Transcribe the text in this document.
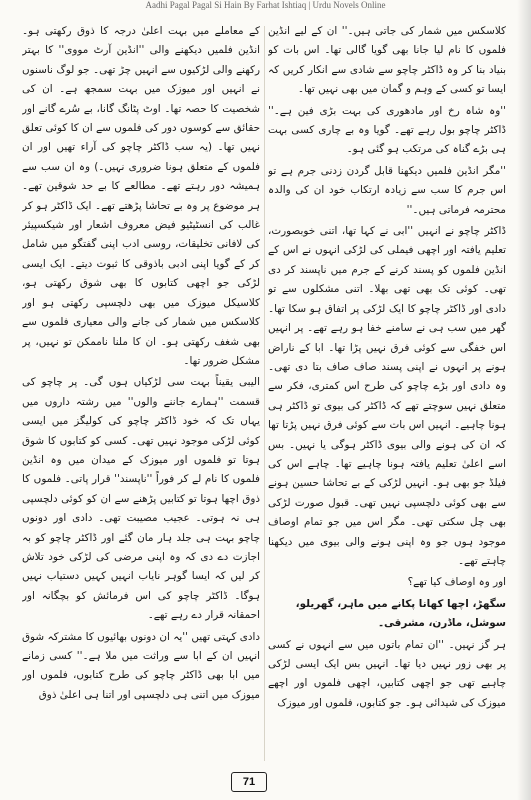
Aadhi Pagal Pagal Si Hain By Farhat Ishtiaq | Urdu Novels Online

کلاسکس میں شمار کی جاتی ہیں۔'' ان کے لیے انڈین فلموں کا نام لیا جانا بھی گویا گالی تھا۔ اس بات کو بنیاد بنا کر وہ ڈاکٹر چاچو سے شادی سے انکار کریں کہ ایسا تو کسی کے وہم و گمان میں بھی نہیں تھا۔

''وہ شاہ رخ اور مادھوری کی بہت بڑی فین ہے۔'' ڈاکٹر چاچو بول رہے تھے۔ گویا وہ بے چاری کسی بہت ہی بڑے گناہ کی مرتکب ہو گئی ہو۔

''مگر انڈین فلمیں دیکھنا قابل گردن زدنی جرم ہے تو اس جرم کا سب سے زیادہ ارتکاب خود ان کی والدہ محترمہ فرماتی ہیں۔''

ڈاکٹر چاچو نے انہیں ''ابی نے کہا تھا، اتنی خوبصورت، تعلیم یافتہ اور اچھی فیملی کی لڑکی انہوں نے اس کے انڈین فلموں کو پسند کرنے کے جرم میں ناپسند کر دی تھی۔ کوئی تک بھی تھی بھلا۔ اتنی مشکلوں سے تو دادی اور ڈاکٹر چاچو کا ایک لڑکی پر اتفاق ہو سکا تھا۔ گھر میں سب ہی نے سامنے خفا ہو رہے تھے۔ پر انہیں اس خفگی سے کوئی فرق نہیں پڑا تھا۔ ابا کے ناراض ہونے پر انہوں نے اپنی پسند صاف صاف بتا دی تھی۔ وہ دادی اور بڑے چاچو کی طرح اس کمتری، فکر سے متعلق نہیں سوچتے تھے کہ ڈاکٹر کی بیوی تو ڈاکٹر ہی ہونا چاہیے۔ انہیں اس بات سے کوئی فرق نہیں پڑتا تھا کہ ان کی ہونے والی بیوی ڈاکٹر ہوگی یا نہیں۔ بس اسے اعلیٰ تعلیم یافتہ ہونا چاہیے تھا۔ چاہے اس کی فیلڈ جو بھی ہو۔ انہیں لڑکی کے بے تحاشا حسین ہونے سے بھی کوئی دلچسپی نہیں تھی۔ قبول صورت لڑکی بھی چل سکتی تھی۔ مگر اس میں جو تمام اوصاف موجود ہوں جو وہ اپنی ہونے والی بیوی میں دیکھنا چاہتے تھے۔

اور وہ اوصاف کیا تھے؟

سگھڑ، اچھا کھانا پکانے میں ماہر، گھریلو، سوشل، ماڈرن، مشرقی۔

ہر گز نہیں۔ ''ان تمام باتوں میں سے انہوں نے کسی پر بھی زور نہیں دیا تھا۔ انہیں بس ایک ایسی لڑکی چاہیے تھی جو اچھی کتابیں، اچھی فلموں اور اچھے میوزک کی شیدائی ہو۔ جو کتابوں، فلموں اور میوزک

کے معاملے میں بہت اعلیٰ درجہ کا ذوق رکھتی ہو۔ انڈین فلمیں دیکھنے والی ''انڈین آرٹ مووی'' کا بہتر رکھنے والی لڑکیوں سے انہیں چڑ تھی۔ جو لوگ ناسنوں نے انہیں اور میوزک میں بہت سمجھ ہے۔ ان کی شخصیت کا حصہ تھا۔ اوٹ پٹانگ گانا، بے سُرے گانے اور حقائق سے کوسوں دور کی فلموں سے ان کا کوئی تعلق نہیں تھا۔ (یہ سب ڈاکٹر چاچو کی آراء تھیں اور ان فلموں کے متعلق ہونا ضروری نہیں۔) وہ ان سب سے ہمیشہ دور رہتے تھے۔ مطالعے کا بے حد شوقین تھے۔ ہر موضوع پر وہ بے تحاشا پڑھتے تھے۔ ایک ڈاکٹر ہو کر غالب کی انسٹیٹیو فیض معروف اشعار اور شیکسپیئر کی لافانی تخلیقات، روسی ادب اپنی گفتگو میں شامل کر کے گویا اپنی ادبی باذوقی کا ثبوت دیتے۔ ایک ایسی لڑکی جو اچھی کتابوں کا بھی شوق رکھتی ہو، کلاسیکل میوزک میں بھی دلچسپی رکھتی ہو اور کلاسکس میں شمار کی جانے والی معیاری فلموں سے بھی شغف رکھتی ہو۔ ان کا ملنا ناممکن تو نہیں، پر مشکل ضرور تھا۔

الیبی یقیناً بہت سی لڑکیاں ہوں گی۔ پر چاچو کی قسمت ''ہمارے جاننے والوں'' میں رشتہ داروں میں یہاں تک کہ خود ڈاکٹر چاچو کی کولیگز میں ایسی کوئی لڑکی موجود نہیں تھی۔ کسی کو کتابوں کا شوق ہوتا تو فلموں اور میوزک کے میدان میں وہ انڈین فلموں کا نام لے کر فوراً ''ناپسند'' قرار پاتی۔ فلموں کا ذوق اچھا ہوتا تو کتابیں پڑھنے سے ان کو کوئی دلچسپی ہی نہ ہوتی۔ عجیب مصیبت تھی۔ دادی اور دونوں چاچو بہت ہی جلد ہار مان گئے اور ڈاکٹر چاچو کو بہ اجازت دے دی کہ وہ اپنی مرضی کی لڑکی خود تلاش کر لیں کہ ایسا گوہر نایاب انہیں کہیں دستیاب نہیں ہوگا۔ ڈاکٹر چاچو کی اس فرمائش کو بچگانہ اور احمقانہ قرار دے رہے تھے۔

دادی کہتی تھیں ''یہ ان دونوں بھائیوں کا مشترکہ شوق انہیں ان کے ابا سے وراثت میں ملا ہے۔'' کسی زمانے میں ابا بھی ڈاکٹر چاچو کی طرح کتابوں، فلموں اور میوزک میں اتنی ہی دلچسپی اور اتنا ہی اعلیٰ ذوق

71
